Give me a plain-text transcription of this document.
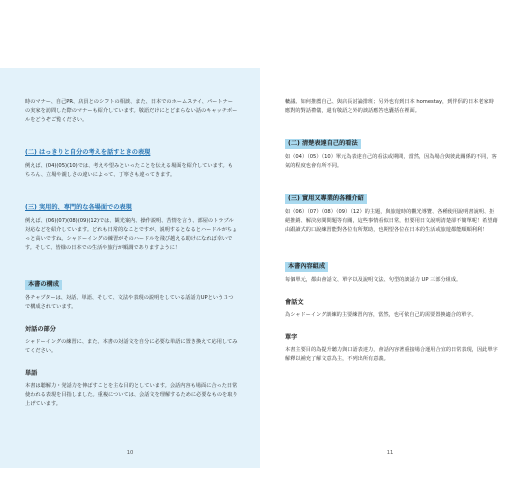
時のマナー、自己PR、店員とのシフトの相談、また、日本でのホームステイ、パートナーの実家を訪問した際のマナーも紹介しています。敬語だけにとどまらない話のキャッチボールをどうぞご覧ください。

(二) はっきりと自分の考えを話すときの表現

例えば、(04)(05)(10)では、考えや望みといったことを伝える場面を紹介しています。もちろん、立場や親しさの違いによって、丁寧さも違ってきます。

(三) 実用的、専門的な各場面での表現

例えば、(06)(07)(08)(09)(12)では、観光案内、操作説明、苦情を言う、部屋のトラブル対応などを紹介しています。どれも日常的なことですが、説明するとなるとハードルがちょっと高いですね。シャドーイングの練習がそのハードルを飛び越える助けになれば幸いです。そして、皆様の日本での生活や旅行が順調でありますように！

本書の構成

各チャプターは、対話、単語、そして、文法や表現の説明をしている話話力UPという３つで構成されています。

対話の部分

シャドーイングの練習に、また、本書の対話文を自分に必要な単語に置き換えて応用してみてください。

単語

本書は聴解力・発話力を伸ばすことを主な目的としています。会話内容も場面に合った日常使われる表現を目指しました。重複については、会話文を理解するために必要なものを取り上げています。

10

轆議、如何推薦自己、與店長討論排班；另外也有到日本 homestay，到伴侶的日本老家時應對的對話禮儀，還有敬語之外的談話應答也囊括在裡面。

(二) 清楚表達自己的看法

如（04）（05）（10）單元為表達自己的看法或期間，當然，因為場合與彼此關係的不同，客氣的程度也會有所不同。

(三) 實用又專業的各種介紹

如（06）（07）（08）（09）（12）的主題，與旅遊時的觀光導覽、各種使用說明書說明、拒絕推銷、解決房間問題等有關，這些事情看似日常，但要用日文說明清楚卻不簡單呢！希望藉由跟讀式的口說練習能對各位有所幫助，也期望各位在日本的生活或旅遊都能順順利利！

本書內容組成

每個單元，都由會話文、單字以及說明文法、句型的談話力 UP 三部分組成。

會話文

為シャドーイング訓練的主要練習內容，當然，也可依自己的需要置換適合的單字。

單字

本書主要目的為提升聽力與口語表達力，會話內容著重接場合運用合宜的日常表現，因此單字解釋以補充了解文意為主，不列出所有意義。

11
